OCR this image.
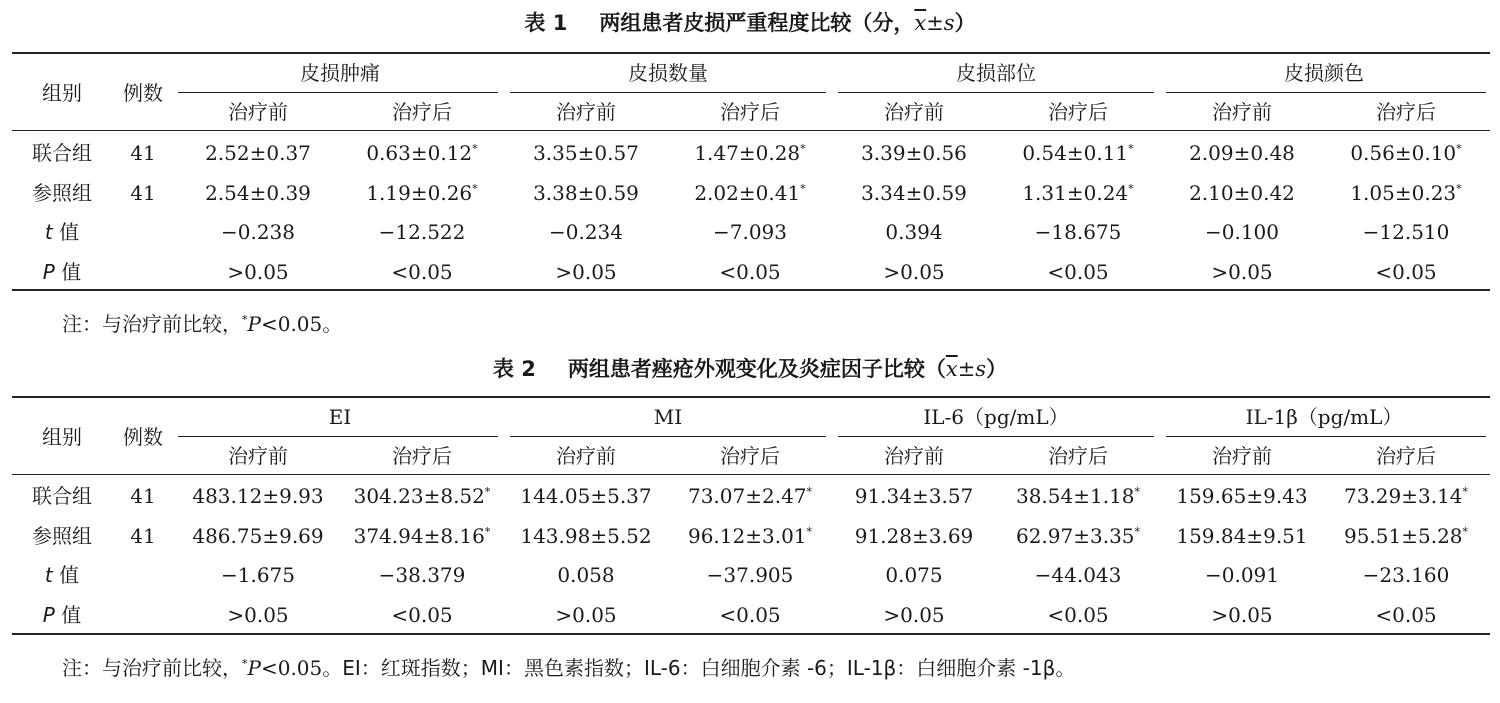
表 1 两组患者皮损严重程度比较（分，$\overline{x}\pm s$）
组别 例数
皮损肿痛	皮损数量	皮损部位	皮损颜色
治疗前	治疗后	治疗前	治疗后	治疗前	治疗后	治疗前	治疗后
联合组 41 2.52±0.37	0.63±0.12*	3.35±0.57	1.47±0.28*	3.39±0.56	0.54±0.11*	2.09±0.48	0.56±0.10*
参照组 41 2.54±0.39	1.19±0.26*	3.38±0.59	2.02±0.41*	3.34±0.59	1.31±0.24*	2.10±0.42	1.05±0.23*
t 值	−0.238	−12.522	−0.234	−7.093	0.394	−18.675	−0.100	−12.510
P 值	>0.05	<0.05	>0.05	<0.05	>0.05	<0.05	>0.05	<0.05
注：与治疗前比较，*P<0.05。
表 2 两组患者痤疮外观变化及炎症因子比较$(\overline{x}\pm s)$
组别 例数
EI	MI	IL-6（pg/mL）	IL-1β（pg/mL）
治疗前	治疗后	治疗前	治疗后	治疗前	治疗后	治疗前	治疗后
联合组 41 483.12±9.93 304.23±8.52* 144.05±5.37 73.07±2.47* 91.34±3.57 38.54±1.18* 159.65±9.43 73.29±3.14*
参照组 41 486.75±9.69 374.94±8.16* 143.98±5.52 96.12±3.01* 91.28±3.69 62.97±3.35* 159.84±9.51 95.51±5.28*
t 值	−1.675	−38.379	0.058	−37.905	0.075	−44.043	−0.091	−23.160
P 值	>0.05	<0.05	>0.05	<0.05	>0.05	<0.05	>0.05	<0.05
注：与治疗前比较，*P<0.05。EI：红斑指数；MI：黑色素指数；IL-6：白细胞介素 -6；IL-1β：白细胞介素 -1β。
